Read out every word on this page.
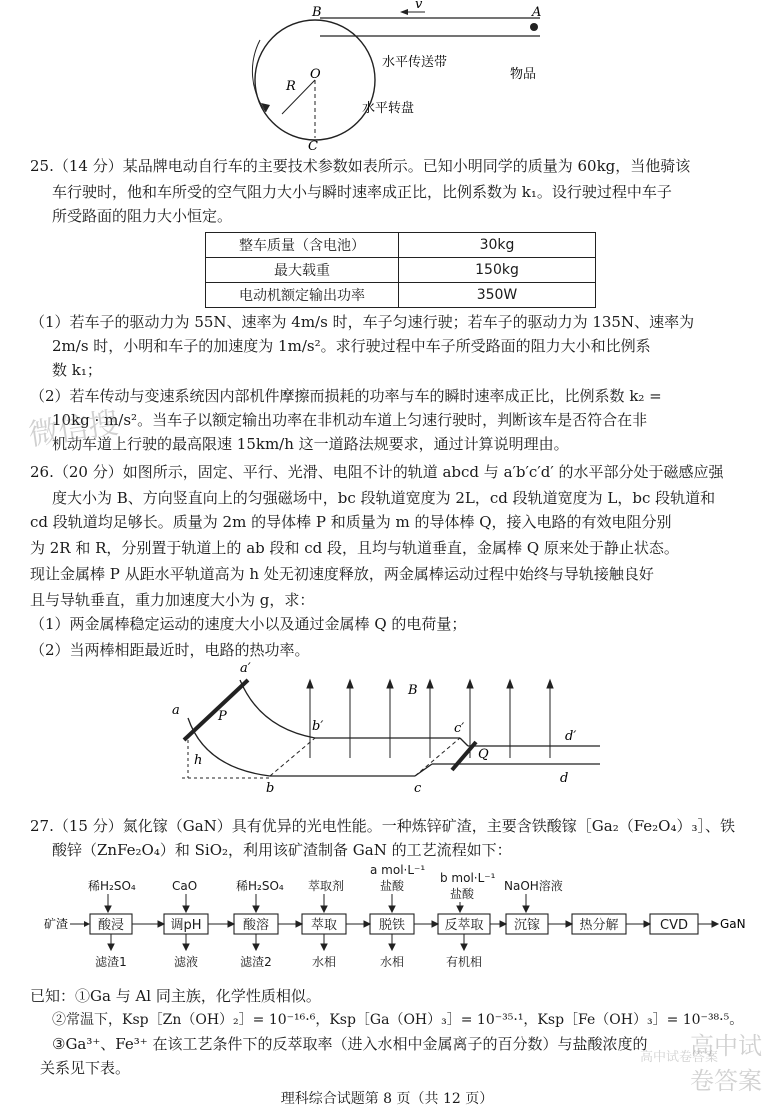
v
B	A
O
R
C
水平传送带
物品
水平转盘
25.（14 分）某品牌电动自行车的主要技术参数如表所示。已知小明同学的质量为 60kg，当他骑该
车行驶时，他和车所受的空气阻力大小与瞬时速率成正比，比例系数为 k₁。设行驶过程中车子
所受路面的阻力大小恒定。
整车质量（含电池）	30kg
最大载重	150kg
电动机额定输出功率	350W
（1）若车子的驱动力为 55N、速率为 4m/s 时，车子匀速行驶；若车子的驱动力为 135N、速率为
2m/s 时，小明和车子的加速度为 1m/s²。求行驶过程中车子所受路面的阻力大小和比例系
数 k₁；
（2）若车传动与变速系统因内部机件摩擦而损耗的功率与车的瞬时速率成正比，比例系数 k₂ =
10kg · m/s²。当车子以额定输出功率在非机动车道上匀速行驶时，判断该车是否符合在非
机动车道上行驶的最高限速 15km/h 这一道路法规要求，通过计算说明理由。
26.（20 分）如图所示，固定、平行、光滑、电阻不计的轨道 abcd 与 a′b′c′d′ 的水平部分处于磁感应强
度大小为 B、方向竖直向上的匀强磁场中，bc 段轨道宽度为 2L，cd 段轨道宽度为 L，bc 段轨道和
cd 段轨道均足够长。质量为 2m 的导体棒 P 和质量为 m 的导体棒 Q，接入电路的有效电阻分别
为 2R 和 R，分别置于轨道上的 ab 段和 cd 段，且均与轨道垂直，金属棒 Q 原来处于静止状态。
现让金属棒 P 从距水平轨道高为 h 处无初速度释放，两金属棒运动过程中始终与导轨接触良好
且与导轨垂直，重力加速度大小为 g，求：
（1）两金属棒稳定运动的速度大小以及通过金属棒 Q 的电荷量；
（2）当两棒相距最近时，电路的热功率。
微信搜
高中试卷答案
a′
a	P
h
b
b′
B
c′
Q
c
d′
d
27.（15 分）氮化镓（GaN）具有优异的光电性能。一种炼锌矿渣，主要含铁酸镓［Ga₂（Fe₂O₄）₃］、铁
酸锌（ZnFe₂O₄）和 SiO₂，利用该矿渣制备 GaN 的工艺流程如下：
稀H₂SO₄	CaO	稀H₂SO₄ 萃取剂
a mol·L⁻¹
盐酸
b mol·L⁻¹
盐酸
NaOH溶液
矿渣 酸浸	调pH	酸溶	萃取	脱铁	反萃取 沉镓	热分解	CVD	GaN
滤渣1	滤液	滤渣2	水相	水相	有机相
已知：①Ga 与 Al 同主族，化学性质相似。
②常温下，Ksp［Zn（OH）₂］= 10⁻¹⁶·⁶，Ksp［Ga（OH）₃］= 10⁻³⁵·¹，Ksp［Fe（OH）₃］= 10⁻³⁸·⁵。
③Ga³⁺、Fe³⁺ 在该工艺条件下的反萃取率（进入水相中金属离子的百分数）与盐酸浓度的
关系见下表。
高中试卷答案
理科综合试题第 8 页（共 12 页）
